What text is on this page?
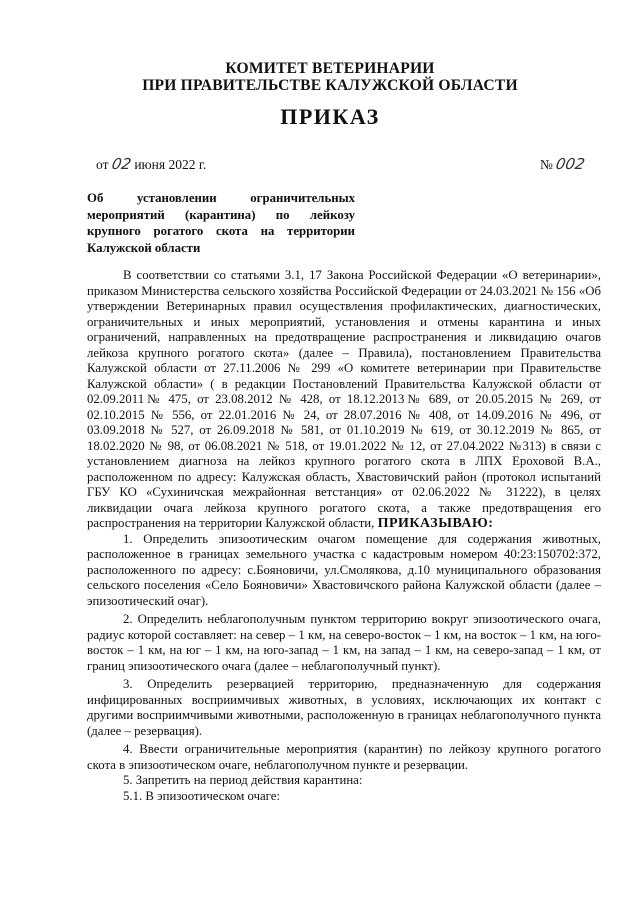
КОМИТЕТ ВЕТЕРИНАРИИ
ПРИ ПРАВИТЕЛЬСТВЕ КАЛУЖСКОЙ ОБЛАСТИ
ПРИКАЗ
от 02 июня 2022 г.	№ 002
Об установлении ограничительных мероприятий (карантина) по лейкозу крупного рогатого скота на территории Калужской области

В соответствии со статьями 3.1, 17 Закона Российской Федерации «О ветеринарии», приказом Министерства сельского хозяйства Российской Федерации от 24.03.2021 № 156 «Об утверждении Ветеринарных правил осуществления профилактических, диагностических, ограничительных и иных мероприятий, установления и отмены карантина и иных ограничений, направленных на предотвращение распространения и ликвидацию очагов лейкоза крупного рогатого скота» (далее – Правила), постановлением Правительства Калужской области от 27.11.2006 № 299 «О комитете ветеринарии при Правительстве Калужской области» ( в редакции Постановлений Правительства Калужской области от 02.09.2011№ 475, от 23.08.2012 № 428, от 18.12.2013№ 689, от 20.05.2015 № 269, от 02.10.2015 № 556, от 22.01.2016 № 24, от 28.07.2016 № 408, от 14.09.2016 № 496, от 03.09.2018 № 527, от 26.09.2018 № 581, от 01.10.2019 № 619, от 30.12.2019 № 865, от 18.02.2020 № 98, от 06.08.2021 № 518, от 19.01.2022 № 12, от 27.04.2022 №313) в связи с установлением диагноза на лейкоз крупного рогатого скота в ЛПХ Ероховой В.А., расположенном по адресу: Калужская область, Хвастовичский район (протокол испытаний ГБУ КО «Сухиничская межрайонная ветстанция» от 02.06.2022 № 31222), в целях ликвидации очага лейкоза крупного рогатого скота, а также предотвращения его распространения на территории Калужской области, ПРИКАЗЫВАЮ:

1. Определить эпизоотическим очагом помещение для содержания животных, расположенное в границах земельного участка с кадастровым номером 40:23:150702:372, расположенного по адресу: с.Бояновичи, ул.Смолякова, д.10 муниципального образования сельского поселения «Село Бояновичи» Хвастовичского района Калужской области (далее – эпизоотический очаг).

2. Определить неблагополучным пунктом территорию вокруг эпизоотического очага, радиус которой составляет: на север – 1 км, на северо-восток – 1 км, на восток – 1 км, на юго-восток – 1 км, на юг – 1 км, на юго-запад – 1 км, на запад – 1 км, на северо-запад – 1 км, от границ эпизоотического очага (далее – неблагополучный пункт).

3. Определить резервацией территорию, предназначенную для содержания инфицированных восприимчивых животных, в условиях, исключающих их контакт с другими восприимчивыми животными, расположенную в границах неблагополучного пункта (далее – резервация).

4. Ввести ограничительные мероприятия (карантин) по лейкозу крупного рогатого скота в эпизоотическом очаге, неблагополучном пункте и резервации.

5. Запретить на период действия карантина:

5.1. В эпизоотическом очаге:
